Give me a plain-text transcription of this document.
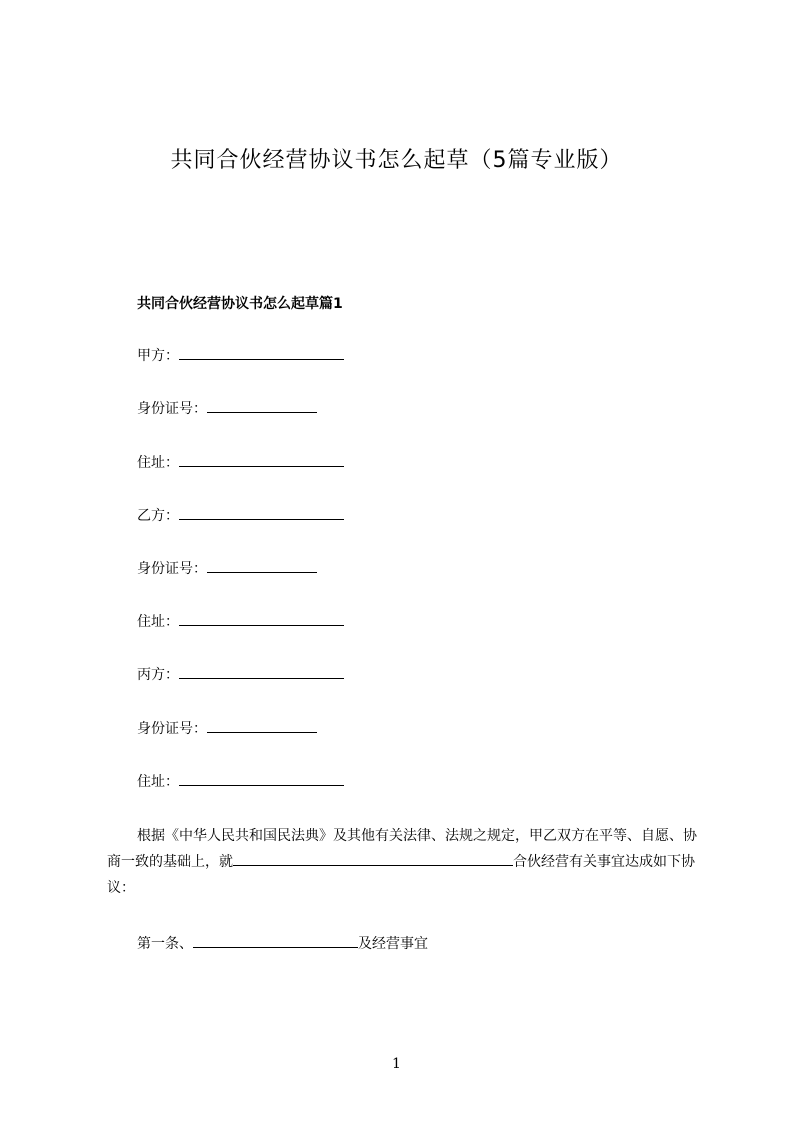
共同合伙经营协议书怎么起草（5篇专业版）
共同合伙经营协议书怎么起草篇1
甲方：
身份证号：
住址：
乙方：
身份证号：
住址：
丙方：
身份证号：
住址：
根据《中华人民共和国民法典》及其他有关法律、法规之规定，甲乙双方在平等、自愿、协商一致的基础上，就	合伙经营有关事宜达成如下协议：
第一条、	及经营事宜
1
